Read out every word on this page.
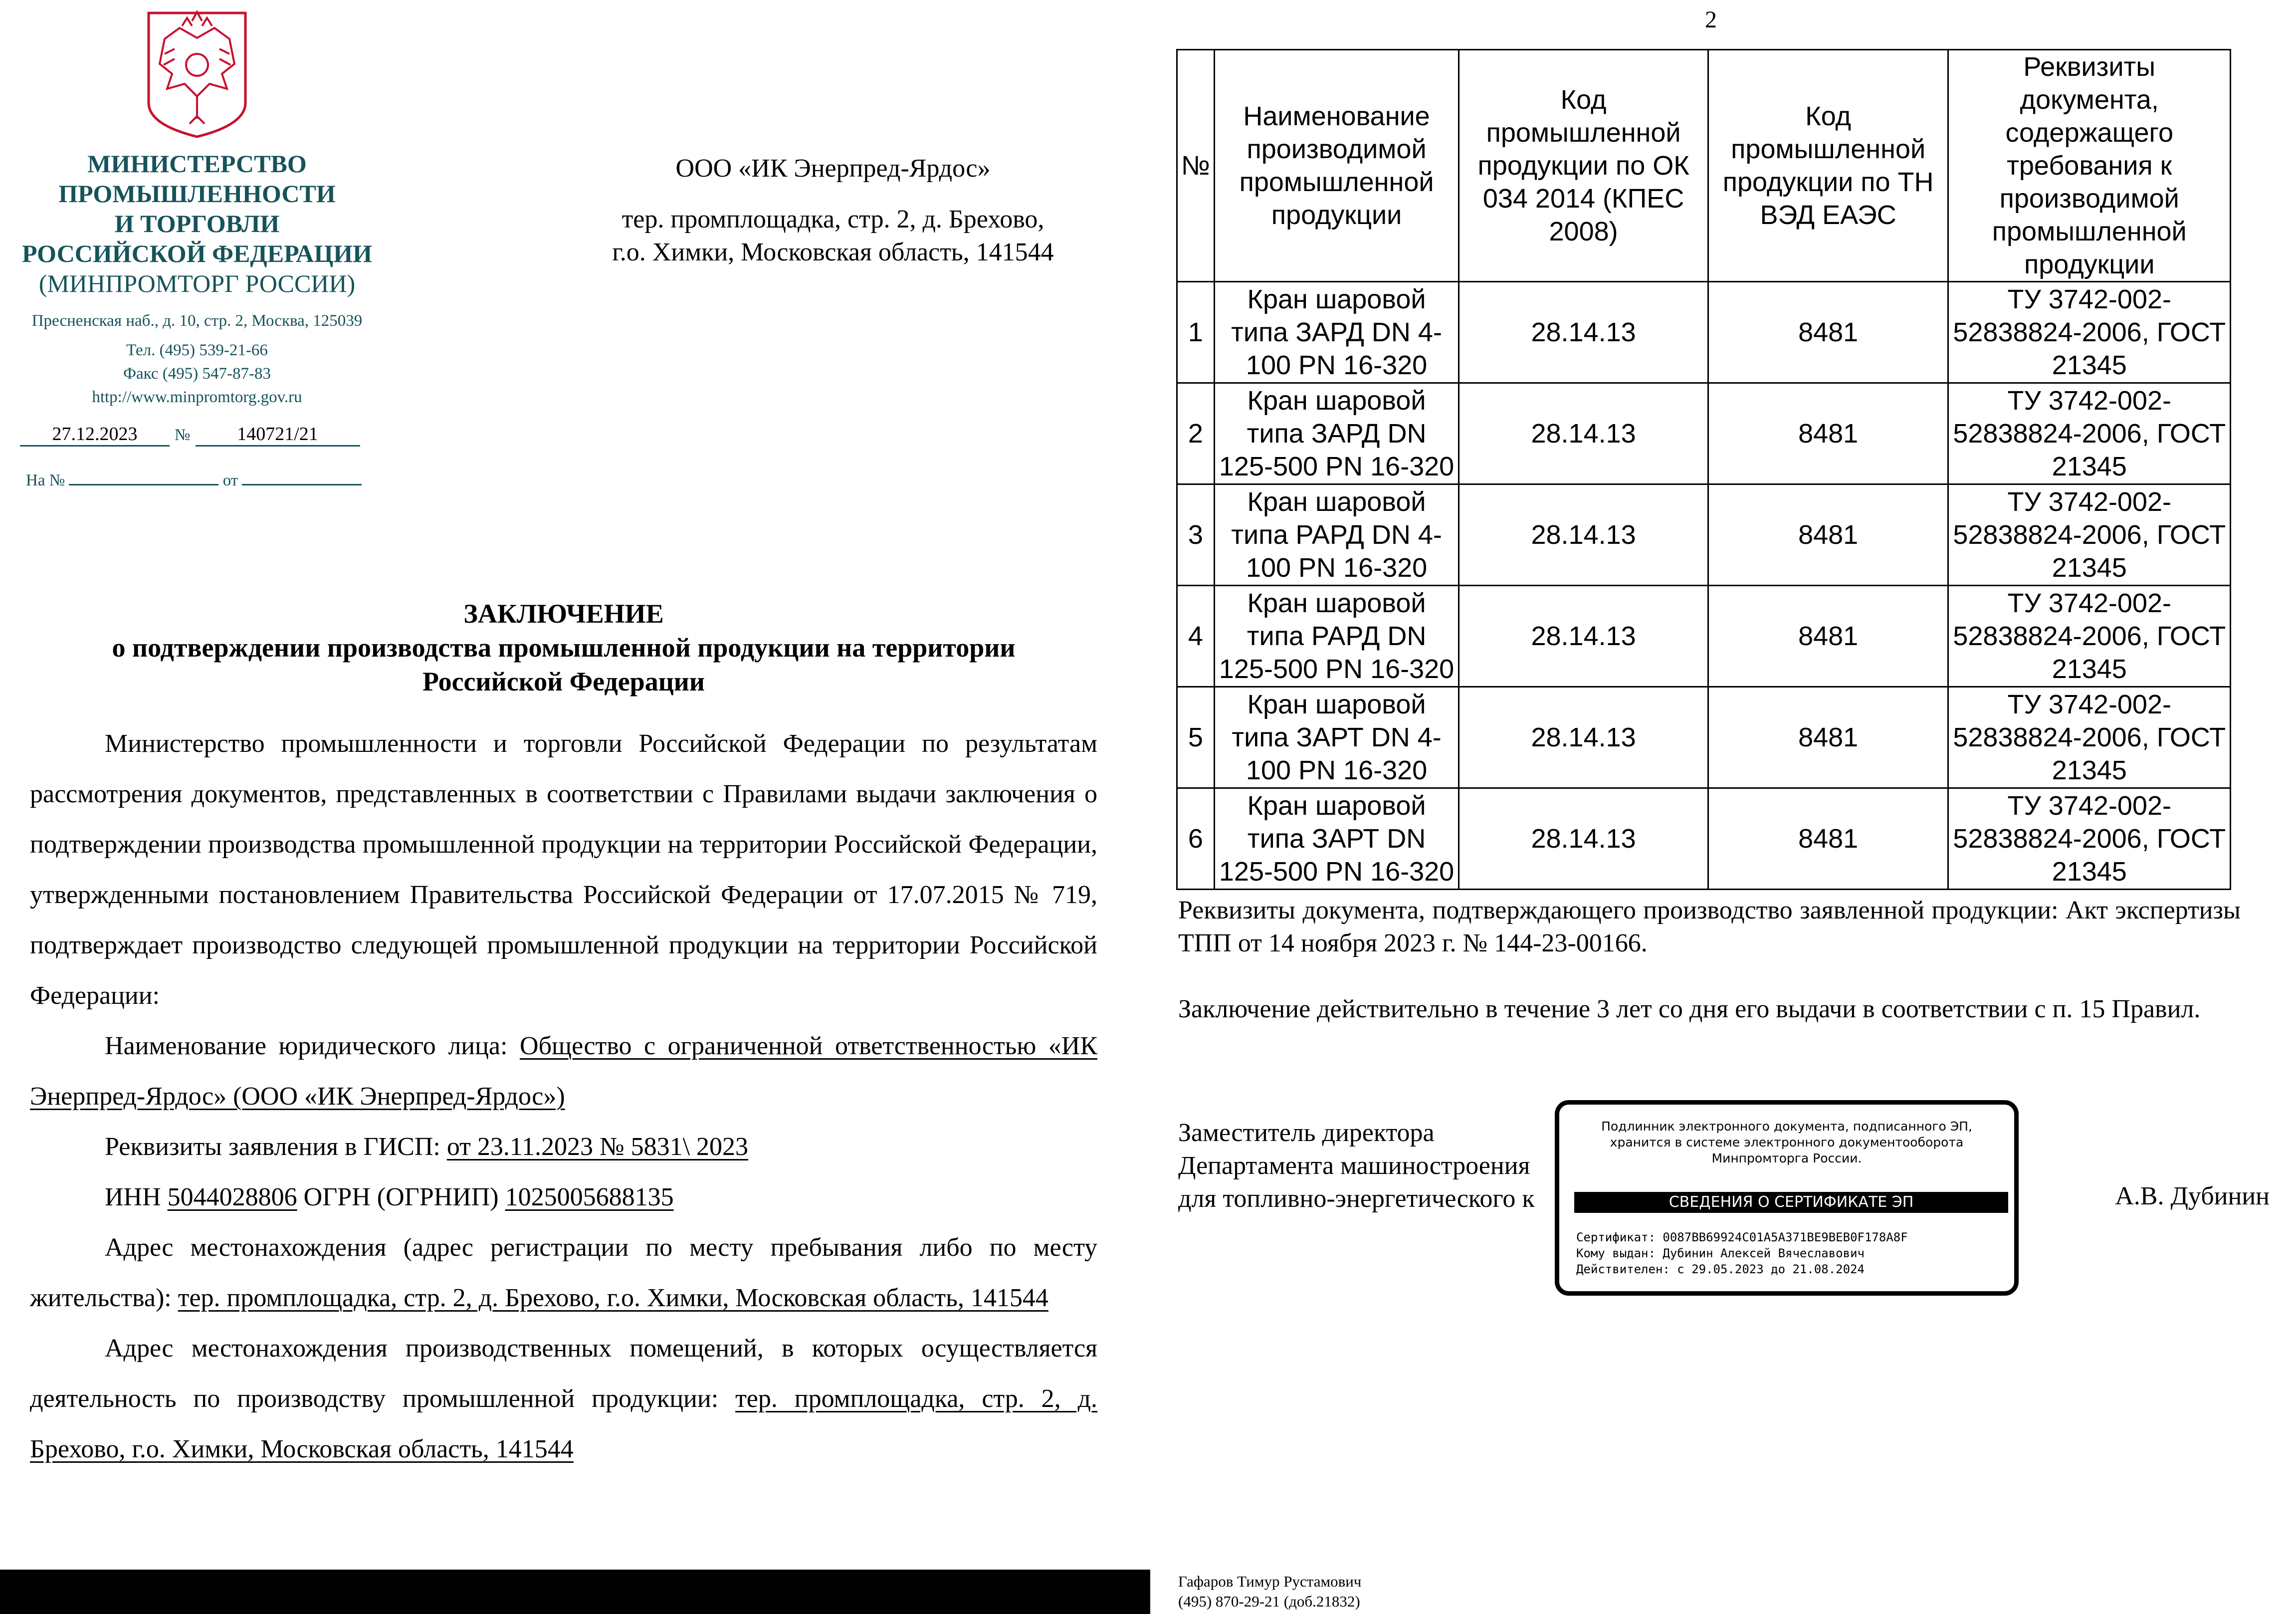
МИНИСТЕРСТВО
ПРОМЫШЛЕННОСТИ
И ТОРГОВЛИ
РОССИЙСКОЙ ФЕДЕРАЦИИ
(МИНПРОМТОРГ РОССИИ)
Пресненская наб., д. 10, стр. 2, Москва, 125039
Тел. (495) 539-21-66
Факс (495) 547-87-83
http://www.minpromtorg.gov.ru
27.12.2023 № 140721/21
На №	от
ООО «ИК Энерпред-Ярдос»
тер. промплощадка, стр. 2, д. Брехово,
г.о. Химки, Московская область, 141544
ЗАКЛЮЧЕНИЕ
о подтверждении производства промышленной продукции на территории
Российской Федерации

Министерство промышленности и торговли Российской Федерации по результатам рассмотрения документов, представленных в соответствии с Правилами выдачи заключения о подтверждении производства промышленной продукции на территории Российской Федерации, утвержденными постановлением Правительства Российской Федерации от 17.07.2015 № 719, подтверждает производство следующей промышленной продукции на территории Российской Федерации:

Наименование юридического лица: Общество с ограниченной ответственностью «ИК Энерпред-Ярдос» (ООО «ИК Энерпред-Ярдос»)

Реквизиты заявления в ГИСП: от 23.11.2023 № 5831\ 2023

ИНН 5044028806 ОГРН (ОГРНИП) 1025005688135

Адрес местонахождения (адрес регистрации по месту пребывания либо по месту жительства): тер. промплощадка, стр. 2, д. Брехово, г.о. Химки, Московская область, 141544

Адрес местонахождения производственных помещений, в которых осуществляется деятельность по производству промышленной продукции: тер. промплощадка, стр. 2, д. Брехово, г.о. Химки, Московская область, 141544

2
№	Наименование производимой промышленной продукции	Код промышленной продукции по ОК 034 2014 (КПЕС 2008)	Код промышленной продукции по ТН ВЭД ЕАЭС	Реквизиты документа, содержащего требования к производимой промышленной продукции
1	Кран шаровой типа ЗАРД DN 4-100 PN 16-320	28.14.13	8481	ТУ 3742-002-52838824-2006, ГОСТ 21345
2	Кран шаровой типа ЗАРД DN 125-500 PN 16-320	28.14.13	8481	ТУ 3742-002-52838824-2006, ГОСТ 21345
3	Кран шаровой типа РАРД DN 4-100 PN 16-320	28.14.13	8481	ТУ 3742-002-52838824-2006, ГОСТ 21345
4	Кран шаровой типа РАРД DN 125-500 PN 16-320	28.14.13	8481	ТУ 3742-002-52838824-2006, ГОСТ 21345
5	Кран шаровой типа ЗАРТ DN 4-100 PN 16-320	28.14.13	8481	ТУ 3742-002-52838824-2006, ГОСТ 21345
6	Кран шаровой типа ЗАРТ DN 125-500 PN 16-320	28.14.13	8481	ТУ 3742-002-52838824-2006, ГОСТ 21345
Реквизиты документа, подтверждающего производство заявленной продукции: Акт экспертизы ТПП от 14 ноября 2023 г. № 144-23-00166.
Заключение действительно в течение 3 лет со дня его выдачи в соответствии с п. 15 Правил.
Заместитель директора
Департамента машиностроения
для топливно-энергетического к
Подлинник электронного документа, подписанного ЭП,
хранится в системе электронного документооборота
Минпромторга России.
СВЕДЕНИЯ О СЕРТИФИКАТЕ ЭП
Сертификат: 0087BB69924C01A5A371BE9BEB0F178A8F
Кому выдан: Дубинин Алексей Вячеславович
Действителен: с 29.05.2023 до 21.08.2024
А.В. Дубинин
Гафаров Тимур Рустамович
(495) 870-29-21 (доб.21832)
